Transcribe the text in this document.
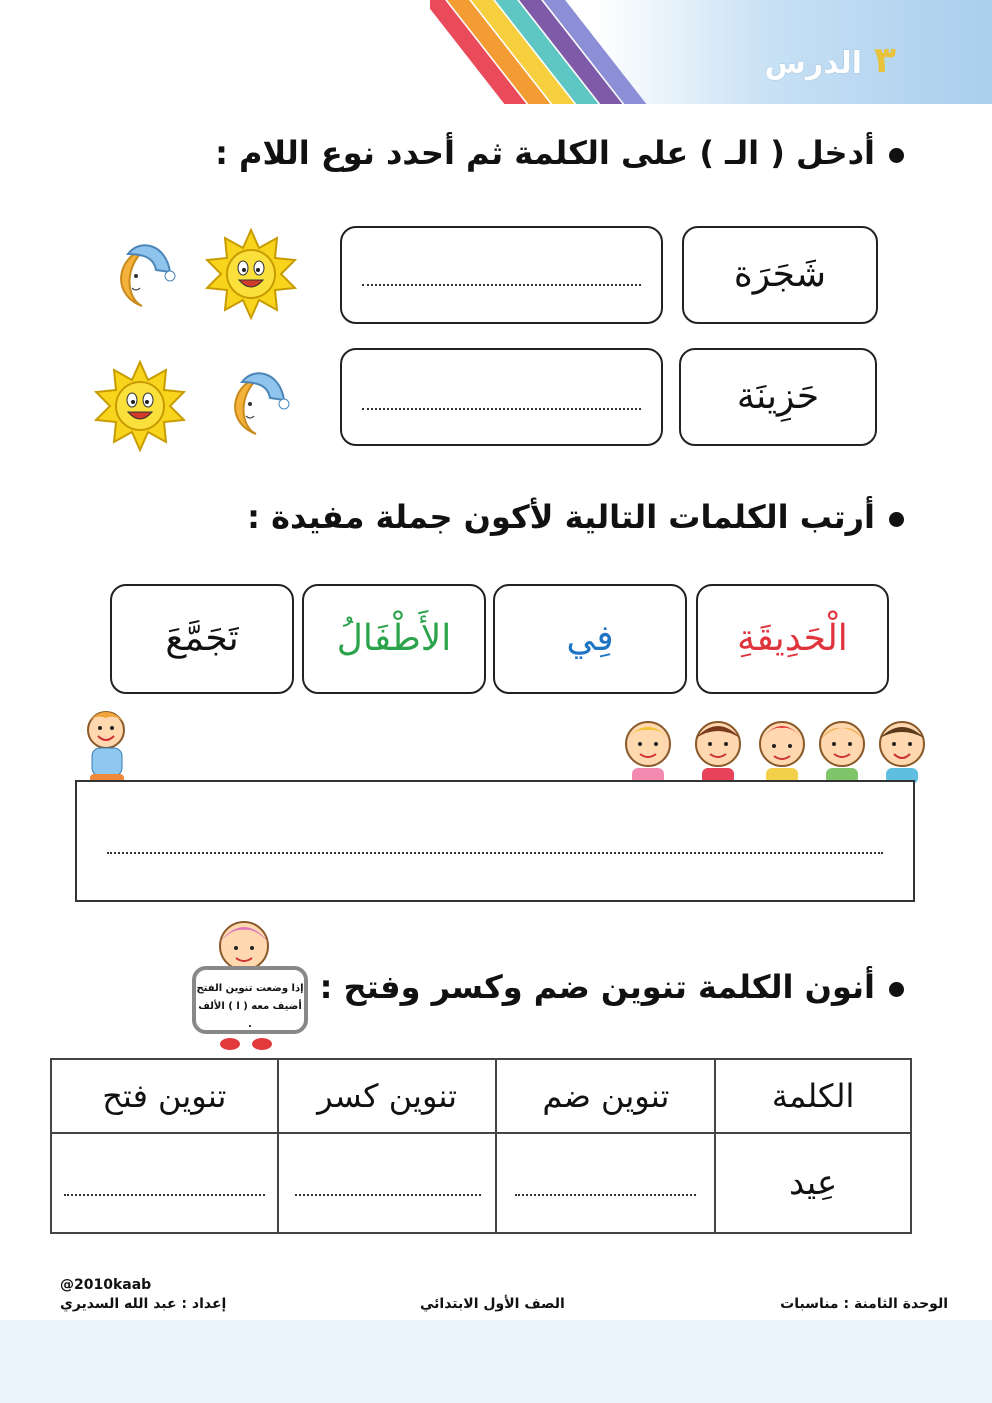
الدرس ٣
أدخل ( الـ ) على الكلمة ثم أحدد نوع اللام :
شَجَرَة
حَزِينَة
أرتب الكلمات التالية لأكون جملة مفيدة :
الْحَدِيقَةِ
فِي
الأَطْفَالُ
تَجَمَّعَ
أنون الكلمة تنوين ضم وكسر وفتح :
إذا وضعت تنوين الفتح
أضيف معه ( ا ) الألف .
تنوين فتح	تنوين كسر	تنوين ضم	الكلمة

			عِيد
@2010kaab
إعداد : عبد الله السديري	الصف الأول الابتدائي	الوحدة الثامنة : مناسبات
